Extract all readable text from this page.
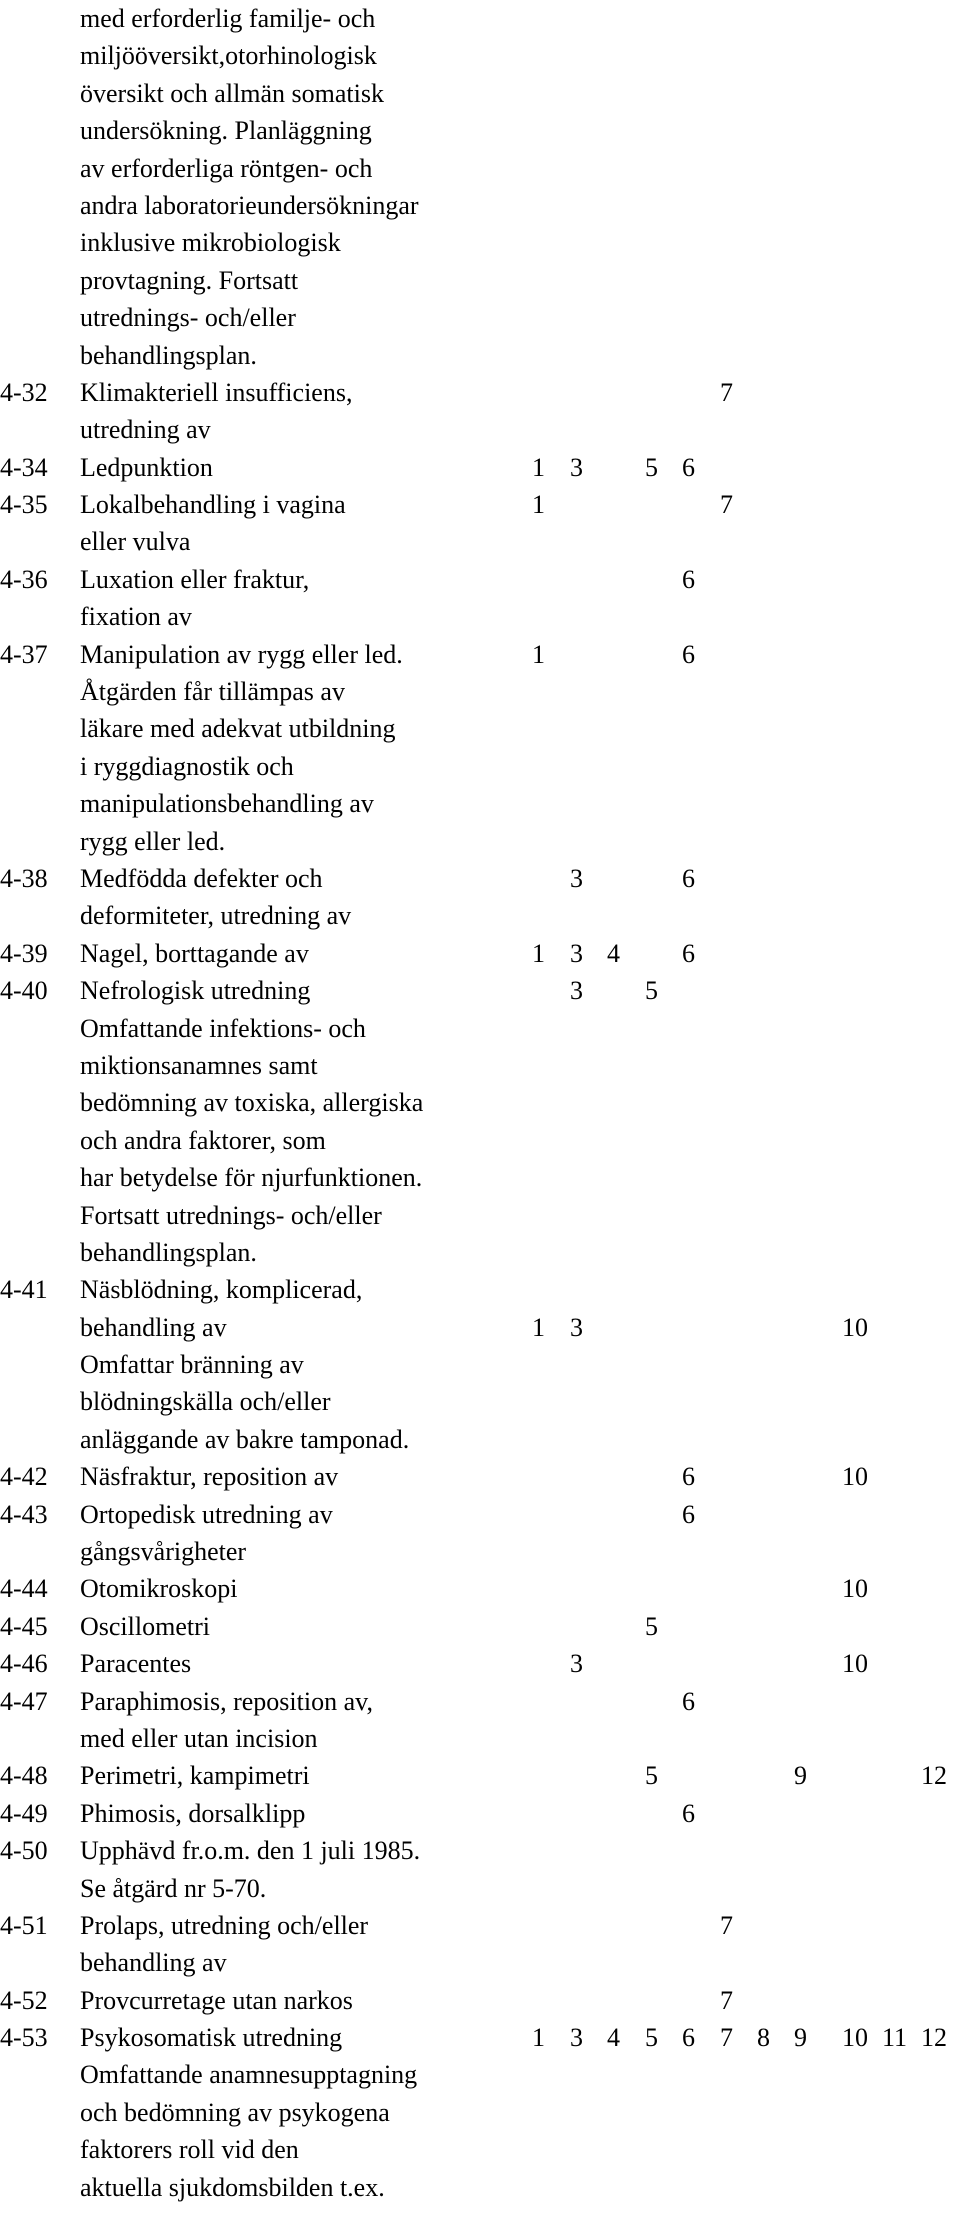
med erforderlig familje- och
miljööversikt,otorhinologisk
översikt och allmän somatisk
undersökning. Planläggning
av erforderliga röntgen- och
andra laboratorieundersökningar
inklusive mikrobiologisk
provtagning. Fortsatt
utrednings- och/eller
behandlingsplan.
4-32 Klimakteriell insufficiens,	7
utredning av
4-34 Ledpunktion	1 3 5 6
4-35 Lokalbehandling i vagina	1	7
eller vulva
4-36 Luxation eller fraktur,	6
fixation av
4-37 Manipulation av rygg eller led.	1	6
Åtgärden får tillämpas av
läkare med adekvat utbildning
i ryggdiagnostik och
manipulationsbehandling av
rygg eller led.
4-38 Medfödda defekter och	3	6
deformiteter, utredning av
4-39 Nagel, borttagande av	1 3 4 6
4-40 Nefrologisk utredning	3 5
Omfattande infektions- och
miktionsanamnes samt
bedömning av toxiska, allergiska
och andra faktorer, som
har betydelse för njurfunktionen.
Fortsatt utrednings- och/eller
behandlingsplan.
4-41 Näsblödning, komplicerad,
behandling av	1 3	10
Omfattar bränning av
blödningskälla och/eller
anläggande av bakre tamponad.
4-42 Näsfraktur, reposition av	6	10
4-43 Ortopedisk utredning av	6
gångsvårigheter
4-44 Otomikroskopi	10
4-45 Oscillometri	5
4-46 Paracentes	3	10
4-47 Paraphimosis, reposition av,	6
med eller utan incision
4-48 Perimetri, kampimetri	5	9	12
4-49 Phimosis, dorsalklipp	6
4-50 Upphävd fr.o.m. den 1 juli 1985.
Se åtgärd nr 5-70.
4-51 Prolaps, utredning och/eller	7
behandling av
4-52 Provcurretage utan narkos	7
4-53 Psykosomatisk utredning	1 3 4 5 6 7 8 9 10 11 12
Omfattande anamnesupptagning
och bedömning av psykogena
faktorers roll vid den
aktuella sjukdomsbilden t.ex.
